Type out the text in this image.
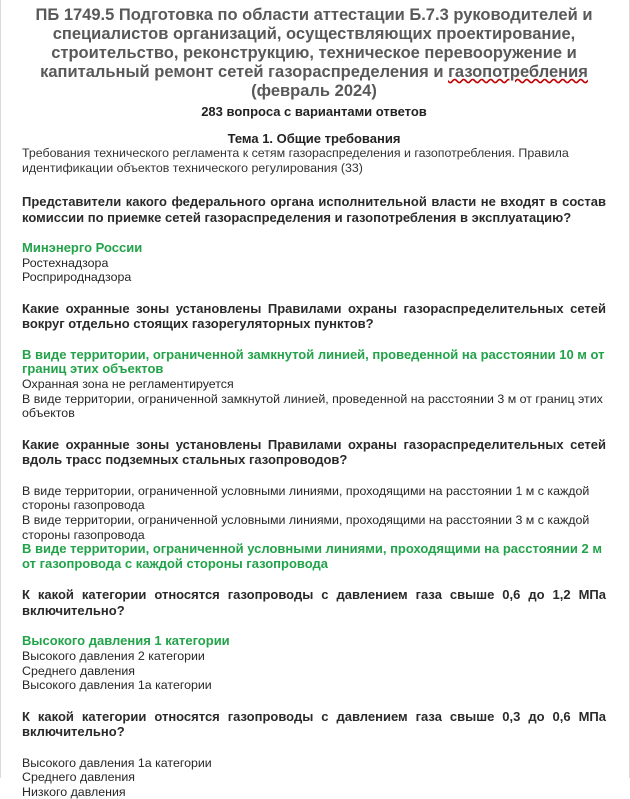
ПБ 1749.5 Подготовка по области аттестации Б.7.3 руководителей и специалистов организаций, осуществляющих проектирование, строительство, реконструкцию, техническое перевооружение и капитальный ремонт сетей газораспределения и газопотребления (февраль 2024)

283 вопроса с вариантами ответов

Тема 1. Общие требования

Требования технического регламента к сетям газораспределения и газопотребления. Правила идентификации объектов технического регулирования (33)

Представители какого федерального органа исполнительной власти не входят в состав комиссии по приемке сетей газораспределения и газопотребления в эксплуатацию?
Минэнерго России
Ростехнадзора
Росприроднадзора
Какие охранные зоны установлены Правилами охраны газораспределительных сетей вокруг отдельно стоящих газорегуляторных пунктов?
В виде территории, ограниченной замкнутой линией, проведенной на расстоянии 10 м от границ этих объектов
Охранная зона не регламентируется
В виде территории, ограниченной замкнутой линией, проведенной на расстоянии 3 м от границ этих объектов
Какие охранные зоны установлены Правилами охраны газораспределительных сетей вдоль трасс подземных стальных газопроводов?
В виде территории, ограниченной условными линиями, проходящими на расстоянии 1 м с каждой стороны газопровода
В виде территории, ограниченной условными линиями, проходящими на расстоянии 3 м с каждой стороны газопровода
В виде территории, ограниченной условными линиями, проходящими на расстоянии 2 м от газопровода с каждой стороны газопровода
К какой категории относятся газопроводы с давлением газа свыше 0,6 до 1,2 МПа включительно?
Высокого давления 1 категории
Высокого давления 2 категории
Среднего давления
Высокого давления 1а категории
К какой категории относятся газопроводы с давлением газа свыше 0,3 до 0,6 МПа включительно?
Высокого давления 1а категории
Среднего давления
Низкого давления
